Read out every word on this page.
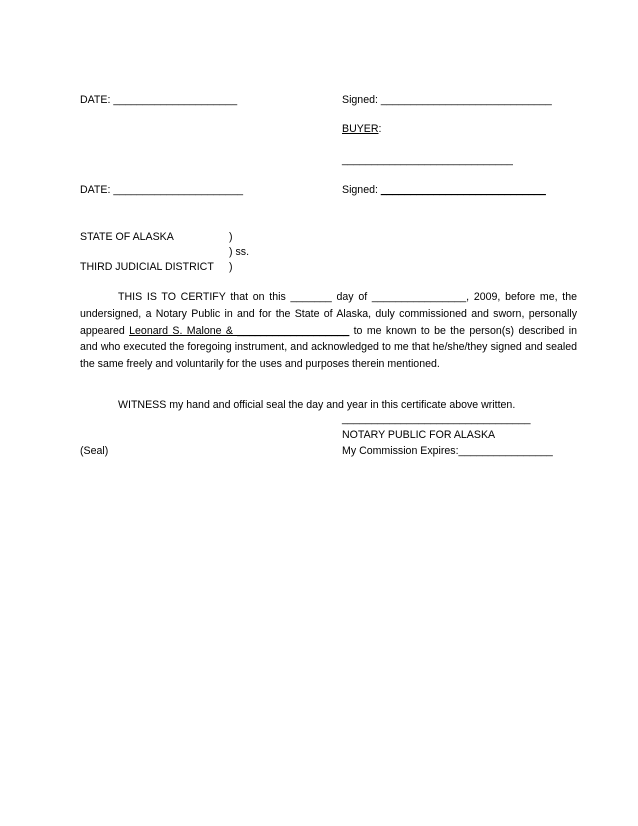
DATE: _____________________	Signed: _____________________________
BUYER:
_____________________________
DATE: ______________________	Signed: ____________________________
STATE OF ALASKA	)
) ss.
THIRD JUDICIAL DISTRICT )
THIS IS TO CERTIFY that on this _______ day of ________________, 2009, before me, the undersigned, a Notary Public in and for the State of Alaska, duly commissioned and sworn, personally appeared Leonard S. Malone & ___________________ to me known to be the person(s) described in and who executed the foregoing instrument, and acknowledged to me that he/she/they signed and sealed the same freely and voluntarily for the uses and purposes therein mentioned.
WITNESS my hand and official seal the day and year in this certificate above written.
________________________________
NOTARY PUBLIC FOR ALASKA
(Seal)	My Commission Expires:________________
